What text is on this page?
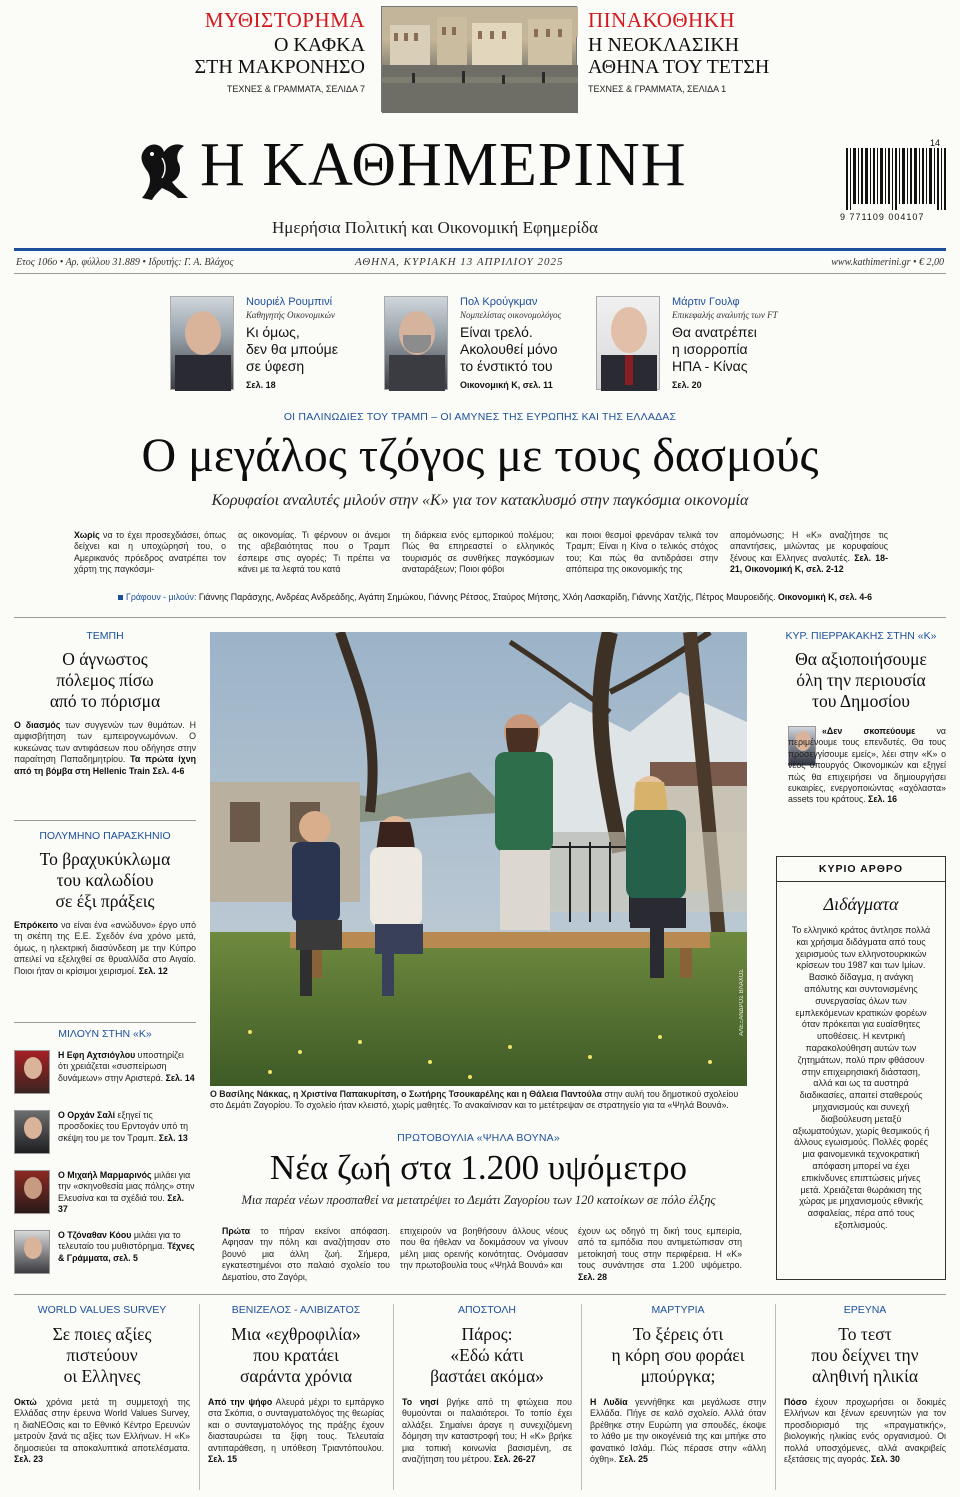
ΜΥΘΙΣΤΟΡΗΜΑ
Ο ΚΑΦΚΑ
ΣΤΗ ΜΑΚΡΟΝΗΣΟ
ΤΕΧΝΕΣ & ΓΡΑΜΜΑΤΑ, ΣΕΛΙΔΑ 7
ΠΙΝΑΚΟΘΗΚΗ
Η ΝΕΟΚΛΑΣΙΚΗ
ΑΘΗΝΑ ΤΟΥ ΤΕΤΣΗ
ΤΕΧΝΕΣ & ΓΡΑΜΜΑΤΑ, ΣΕΛΙΔΑ 1
Η ΚΑΘΗΜΕΡΙΝΗ
Ημερήσια Πολιτική και Οικονομική Εφημερίδα
14
9 771109 004107
Ετος 106ο • Αρ. φύλλου 31.889 • Ιδρυτής: Γ. Α. Βλάχος	ΑΘΗΝΑ, ΚΥΡΙΑΚΗ 13 ΑΠΡΙΛΙΟΥ 2025	www.kathimerini.gr • € 2,00
Νουριέλ Ρουμπινί
Καθηγητής Οικονομικών
Κι όμως,
δεν θα μπούμε
σε ύφεση
Σελ. 18
Πολ Κρούγκμαν
Νομπελίστας οικονομολόγος
Είναι τρελό.
Ακολουθεί μόνο
το ένστικτό του
Οικονομική Κ, σελ. 11
Μάρτιν Γουλφ
Επικεφαλής αναλυτής των FT
Θα ανατρέπει
η ισορροπία
ΗΠΑ - Κίνας
Σελ. 20
ΟΙ ΠΑΛΙΝΩΔΙΕΣ ΤΟΥ ΤΡΑΜΠ – ΟΙ ΑΜΥΝΕΣ ΤΗΣ ΕΥΡΩΠΗΣ ΚΑΙ ΤΗΣ ΕΛΛΑΔΑΣ
Ο μεγάλος τζόγος με τους δασμούς
Κορυφαίοι αναλυτές μιλούν στην «Κ» για τον κατακλυσμό στην παγκόσμια οικονομία
Χωρίς να το έχει προσεχδιάσει, όπως δείχνει και η υποχώρησή του, ο Αμερικανός πρόεδρος ανατρέπει τον χάρτη της παγκόσμι-
ας οικονομίας. Τι φέρνουν οι άνεμοι της αβεβαιότητας που ο Τραμπ έσπειρε στις αγορές; Τι πρέπει να κάνει με τα λεφτά του κατά
τη διάρκεια ενός εμπορικού πολέμου; Πώς θα επηρεαστεί ο ελληνικός τουρισμός σε συνθήκες παγκόσμιων αναταράξεων; Ποιοι φόβοι
και ποιοι θεσμοί φρενάραν τελικά τον Τραμπ; Είναι η Κίνα ο τελικός στόχος του; Και πώς θα αντιδράσει στην απόπειρα της οικονομικής της
απομόνωσης; Η «Κ» αναζήτησε τις απαντήσεις, μιλώντας με κορυφαίους ξένους και Ελληνες αναλυτές. Σελ. 18-21, Οικονομική Κ, σελ. 2-12
Γράφουν - μιλούν: Γιάννης Παράσχης, Ανδρέας Ανδρεάδης, Αγάπη Σημώκου, Γιάννης Ρέτσος, Σταύρος Μήτσης, Χλόη Λασκαρίδη, Γιάννης Χατζής, Πέτρος Μαυροειδής. Οικονομική Κ, σελ. 4-6
ΤΕΜΠΗ
Ο άγνωστος
πόλεμος πίσω
από το πόρισμα
Ο διασμός των συγγενών των θυμάτων. Η αμφισβήτηση των εμπειρογνωμόνων. Ο κυκεώνας των αντιφάσεων που οδήγησε στην παραίτηση Παπαδημητρίου. Τα πρώτα ίχνη από τη βόμβα στη Hellenic Train Σελ. 4-6
ΠΟΛΥΜΗΝΟ ΠΑΡΑΣΚΗΝΙΟ
Το βραχυκύκλωμα
του καλωδίου
σε έξι πράξεις
Επρόκειτο να είναι ένα «ανώδυνο» έργο υπό τη σκέπη της Ε.Ε. Σχεδόν ένα χρόνο μετά, όμως, η ηλεκτρική διασύνδεση με την Κύπρο απειλεί να εξελιχθεί σε θρυαλλίδα στο Αιγαίο. Ποιοι ήταν οι κρίσιμοι χειρισμοί. Σελ. 12
ΜΙΛΟΥΝ ΣΤΗΝ «Κ»
Η Εφη Αχτσιόγλου υποστηρίζει ότι χρειάζεται «συσπείρωση δυνάμεων» στην Αριστερά. Σελ. 14
Ο Ορχάν Σαλί εξηγεί τις προσδοκίες του Ερντογάν υπό τη σκέψη του με τον Τραμπ. Σελ. 13
Ο Μιχαήλ Μαρμαρινός μιλάει για την «σκηνοθεσία μιας πόλης» στην Ελευσίνα και τα σχέδιά του. Σελ. 37
Ο Τζόναθαν Κόου μιλάει για το τελευταίο του μυθιστόρημα. Τέχνες & Γράμματα, σελ. 5
ΑΛΕΞΑΝΔΡΟΣ ΒΛΑΧΟΣ
Ο Βασίλης Νάκκας, η Χριστίνα Παπακυρίτση, ο Σωτήρης Τσουκαρέλης και η Θάλεια Παντούλα στην αυλή του δημοτικού σχολείου στο Δεμάτι Ζαγορίου. Το σχολείο ήταν κλειστό, χωρίς μαθητές. Το ανακαίνισαν και το μετέτρεψαν σε στρατηγείο για τα «Ψηλά Βουνά».
ΠΡΩΤΟΒΟΥΛΙΑ «ΨΗΛΑ ΒΟΥΝΑ»
Νέα ζωή στα 1.200 υψόμετρο
Μια παρέα νέων προσπαθεί να μετατρέψει το Δεμάτι Ζαγορίου των 120 κατοίκων σε πόλο έλξης
Πρώτα το πήραν εκείνοι απόφαση. Αφησαν την πόλη και αναζήτησαν στο βουνό μια άλλη ζωή. Σήμερα, εγκατεστημένοι στο παλαιό σχολείο του Δεματίου, στο Ζαγόρι,
επιχειρούν να βοηθήσουν άλλους νέους που θα ήθελαν να δοκιμάσουν να γίνουν μέλη μιας ορεινής κοινότητας. Ονόμασαν την πρωτοβουλία τους «Ψηλά Βουνά» και
έχουν ως οδηγό τη δική τους εμπειρία, από τα εμπόδια που αντιμετώπισαν στη μετοίκησή τους στην περιφέρεια. Η «Κ» τους συνάντησε στα 1.200 υψόμετρο. Σελ. 28
ΚΥΡ. ΠΙΕΡΡΑΚΑΚΗΣ ΣΤΗΝ «Κ»
Θα αξιοποιήσουμε
όλη την περιουσία
του Δημοσίου
«Δεν σκοπεύουμε να περιμένουμε τους επενδυτές. Θα τους προσεγγίσουμε εμείς», λέει στην «Κ» ο νέος υπουργός Οικονομικών και εξηγεί πώς θα επιχειρήσει να δημιουργήσει ευκαιρίες, ενεργοποιώντας «αχόλαστα» assets του κράτους. Σελ. 16
ΚΥΡΙΟ ΑΡΘΡΟ
Διδάγματα
Το ελληνικό κράτος άντλησε πολλά και χρήσιμα διδάγματα από τους χειρισμούς των ελληνοτουρκικών κρίσεων του 1987 και των Ιμίων. Βασικό δίδαγμα, η ανάγκη απόλυτης και συντονισμένης συνεργασίας όλων των εμπλεκόμενων κρατικών φορέων όταν πρόκειται για ευαίσθητες υποθέσεις. Η κεντρική παρακολούθηση αυτών των ζητημάτων, πολύ πριν φθάσουν στην επιχειρησιακή διάσταση, αλλά και ως τα αυστηρά διαδικασίες, απαιτεί σταθερούς μηχανισμούς και συνεχή διαβούλευση μεταξύ αξιωματούχων, χωρίς θεσμικούς ή άλλους εγωισμούς. Πολλές φορές μια φαινομενικά τεχνοκρατική απόφαση μπορεί να έχει επικίνδυνες επιπτώσεις μήνες μετά. Χρειάζεται θωράκιση της χώρας με μηχανισμούς εθνικής ασφαλείας, πέρα από τους εξοπλισμούς.
WORLD VALUES SURVEY
Σε ποιες αξίες
πιστεύουν
οι Ελληνες
Οκτώ χρόνια μετά τη συμμετοχή της Ελλάδας στην έρευνα World Values Survey, η διαΝΕΟσις και το Εθνικό Κέντρο Ερευνών μετρούν ξανά τις αξίες των Ελλήνων. Η «Κ» δημοσιεύει τα αποκαλυπτικά αποτελέσματα. Σελ. 23
ΒΕΝΙΖΕΛΟΣ - ΑΛΙΒΙΖΑΤΟΣ
Μια «εχθροφιλία»
που κρατάει
σαράντα χρόνια
Από την ψήφο Αλευρά μέχρι το εμπάργκο στα Σκόπια, ο συνταγματολόγος της θεωρίας και ο συνταγματολόγος της πράξης έχουν διασταυρώσει τα ξίφη τους. Τελευταία αντιπαράθεση, η υπόθεση Τριαντόπουλου. Σελ. 15
ΑΠΟΣΤΟΛΗ
Πάρος:
«Εδώ κάτι
βαστάει ακόμα»
Το νησί βγήκε από τη φτώχεια που θυμούνται οι παλαιότεροι. Το τοπίο έχει αλλάξει. Σημαίνει άραγε η συνεχιζόμενη δόμηση την καταστροφή του; Η «Κ» βρήκε μια τοπική κοινωνία βασισμένη, σε αναζήτηση του μέτρου. Σελ. 26-27
ΜΑΡΤΥΡΙΑ
Το ξέρεις ότι
η κόρη σου φοράει
μπούργκα;
Η Λυδία γεννήθηκε και μεγάλωσε στην Ελλάδα. Πήγε σε καλό σχολείο. Αλλά όταν βρέθηκε στην Ευρώπη για σπουδές, έκοψε το λάθο με την οικογένειά της και μπήκε στο φανατικό Ισλάμ. Πώς πέρασε στην «άλλη όχθη». Σελ. 25
ΕΡΕΥΝΑ
Το τεστ
που δείχνει την
αληθινή ηλικία
Πόσο έχουν προχωρήσει οι δοκιμές Ελλήνων και ξένων ερευνητών για τον προσδιορισμό της «πραγματικής», βιολογικής ηλικίας ενός οργανισμού. Οι πολλά υποσχόμενες, αλλά ανακριβείς εξετάσεις της αγοράς. Σελ. 30
